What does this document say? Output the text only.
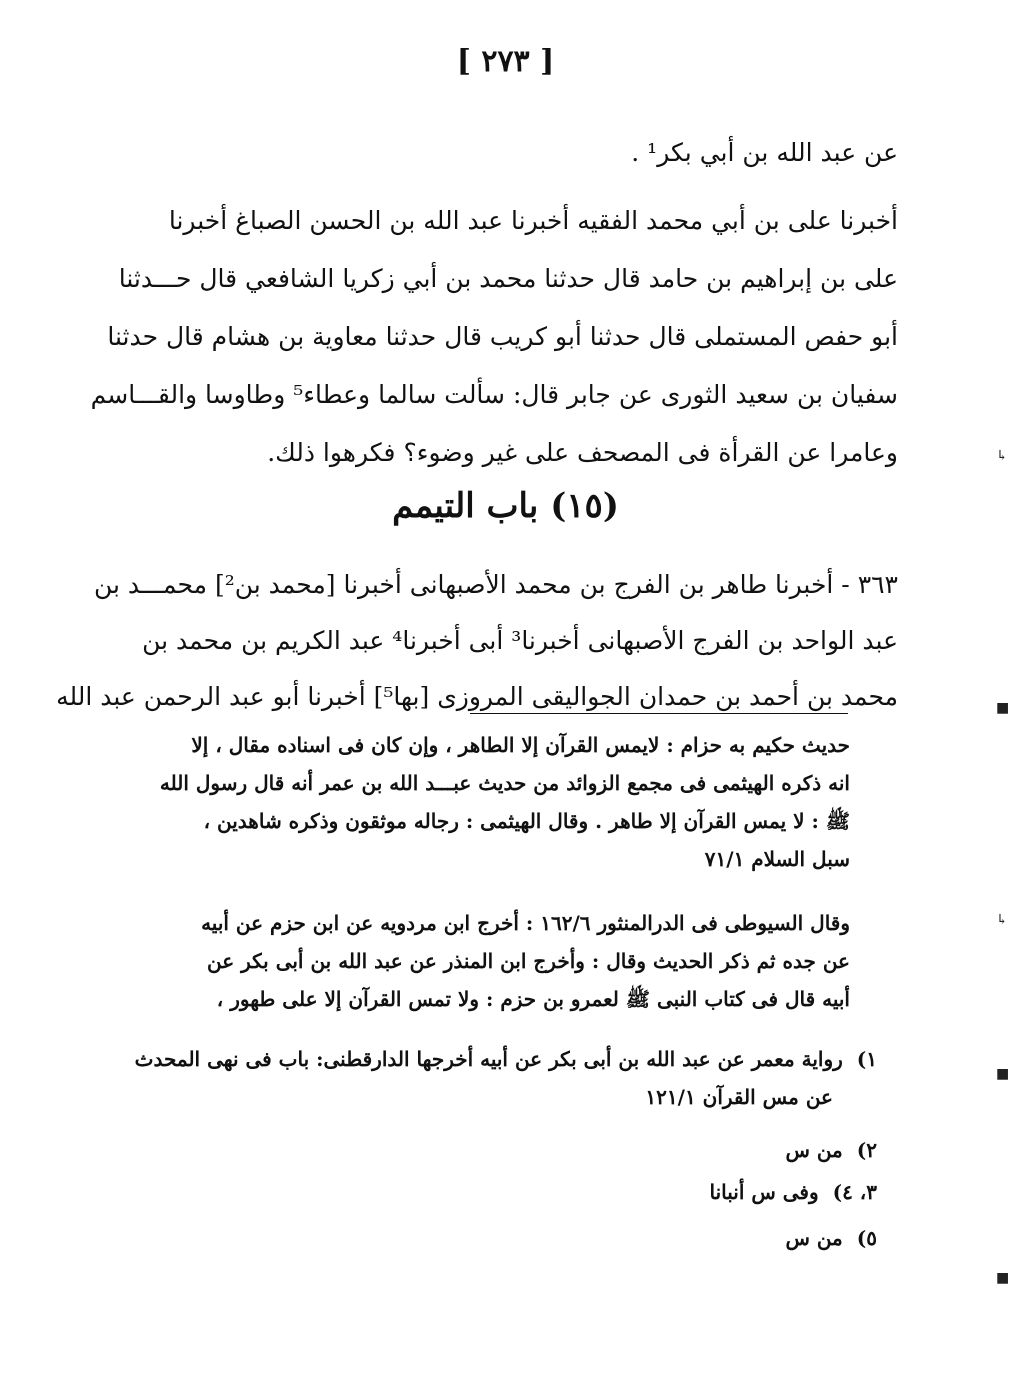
[ ٢٧٣ ]
عن عبد الله بن أبي بكر¹ .
أخبرنا على بن أبي محمد الفقيه أخبرنا عبد الله بن الحسن الصباغ أخبرنا
على بن إبراهيم بن حامد قال حدثنا محمد بن أبي زكريا الشافعي قال حـــدثنا
أبو حفص المستملى قال حدثنا أبو كريب قال حدثنا معاوية بن هشام قال حدثنا
سفيان بن سعيد الثورى عن جابر قال: سألت سالما وعطاء⁵ وطاوسا والقـــاسم
وعامرا عن القرأة فى المصحف على غير وضوء؟ فكرهوا ذلك.
(١٥) باب التيمم
٣٦٣ - أخبرنا طاهر بن الفرج بن محمد الأصبهانى أخبرنا [محمد بن²] محمـــد بن
عبد الواحد بن الفرج الأصبهانى أخبرنا³ أبى أخبرنا⁴ عبد الكريم بن محمد بن
محمد بن أحمد بن حمدان الجواليقى المروزى [بها⁵] أخبرنا أبو عبد الرحمن عبد الله
حديث حكيم به حزام : لايمس القرآن إلا الطاهر ، وإن كان فى اسناده مقال ، إلا
انه ذكره الهيثمى فى مجمع الزوائد من حديث عبـــد الله بن عمر أنه قال رسول الله
ﷺ : لا يمس القرآن إلا طاهر . وقال الهيثمى : رجاله موثقون وذكره شاهدين ،
سبل السلام ٧١/١
وقال السيوطى فى الدرالمنثور ١٦٢/٦ : أخرج ابن مردويه عن ابن حزم عن أبيه
عن جده ثم ذكر الحديث وقال : وأخرج ابن المنذر عن عبد الله بن أبى بكر عن
أبيه قال فى كتاب النبى ﷺ لعمرو بن حزم : ولا تمس القرآن إلا على طهور ،
١)رواية معمر عن عبد الله بن أبى بكر عن أبيه أخرجها الدارقطنى: باب فى نهى المحدث
عن مس القرآن ١٢١/١
٢)من س
٣، ٤)وفى س أنبانا
٥)من س
↳
■
↳
■
■
